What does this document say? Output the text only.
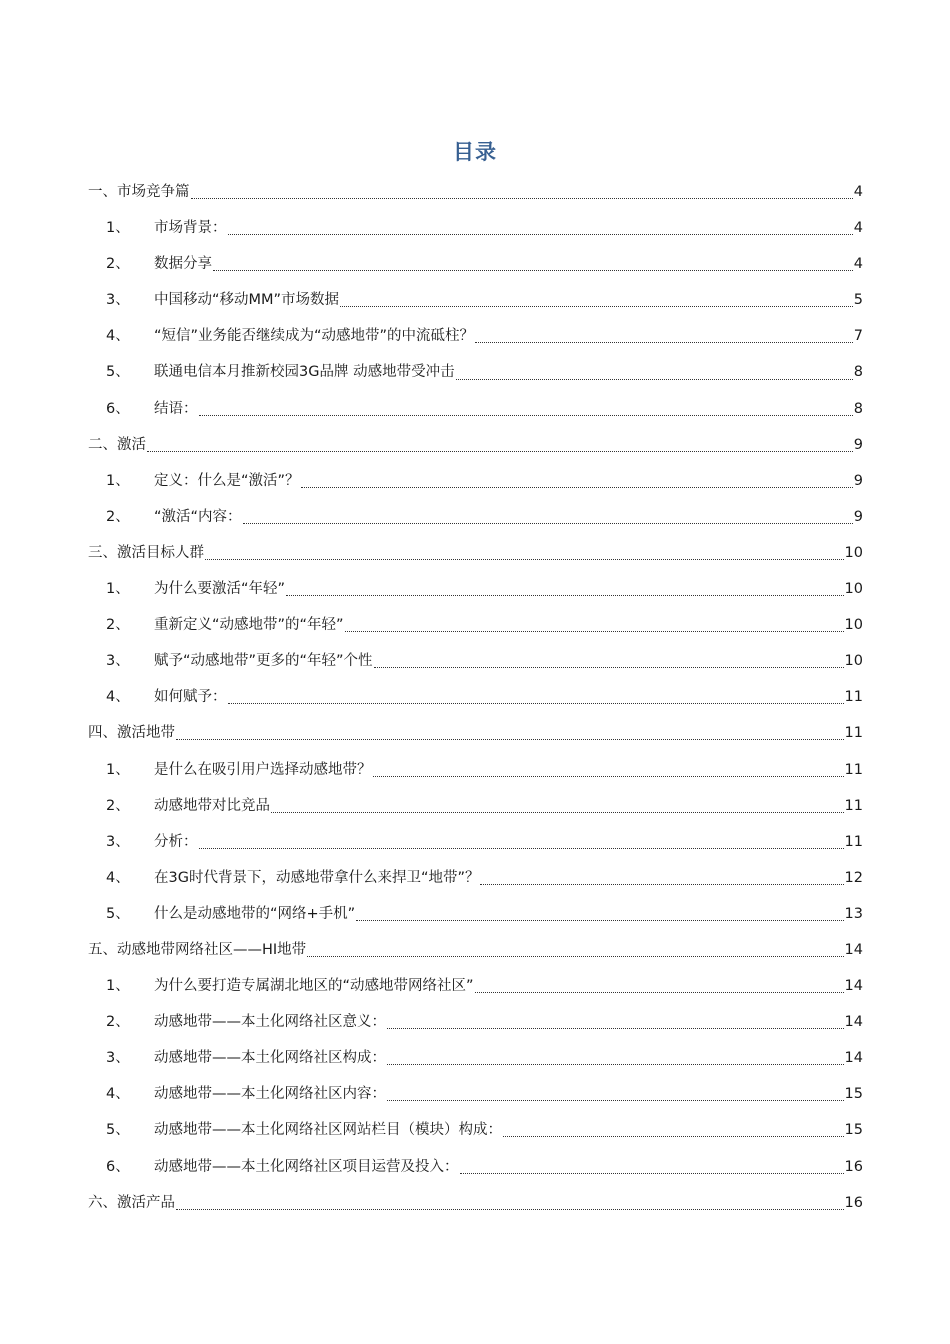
目录
一、市场竞争篇	4
1、	市场背景：	4
2、	数据分享	4
3、	中国移动“移动MM”市场数据	5
4、	“短信”业务能否继续成为“动感地带”的中流砥柱？	7
5、	联通电信本月推新校园3G品牌 动感地带受冲击	8
6、	结语：	8
二、激活	9
1、	定义：什么是“激活”？	9
2、	“激活“内容：	9
三、激活目标人群	10
1、	为什么要激活“年轻”	10
2、	重新定义“动感地带”的“年轻”	10
3、	赋予“动感地带”更多的“年轻”个性	10
4、	如何赋予：	11
四、激活地带	11
1、	是什么在吸引用户选择动感地带？	11
2、	动感地带对比竞品	11
3、	分析：	11
4、	在3G时代背景下，动感地带拿什么来捍卫“地带”？	12
5、	什么是动感地带的“网络+手机”	13
五、动感地带网络社区——HI地带	14
1、	为什么要打造专属湖北地区的“动感地带网络社区”	14
2、	动感地带——本土化网络社区意义：	14
3、	动感地带——本土化网络社区构成：	14
4、	动感地带——本土化网络社区内容：	15
5、	动感地带——本土化网络社区网站栏目（模块）构成：	15
6、	动感地带——本土化网络社区项目运营及投入：	16
六、激活产品	16
